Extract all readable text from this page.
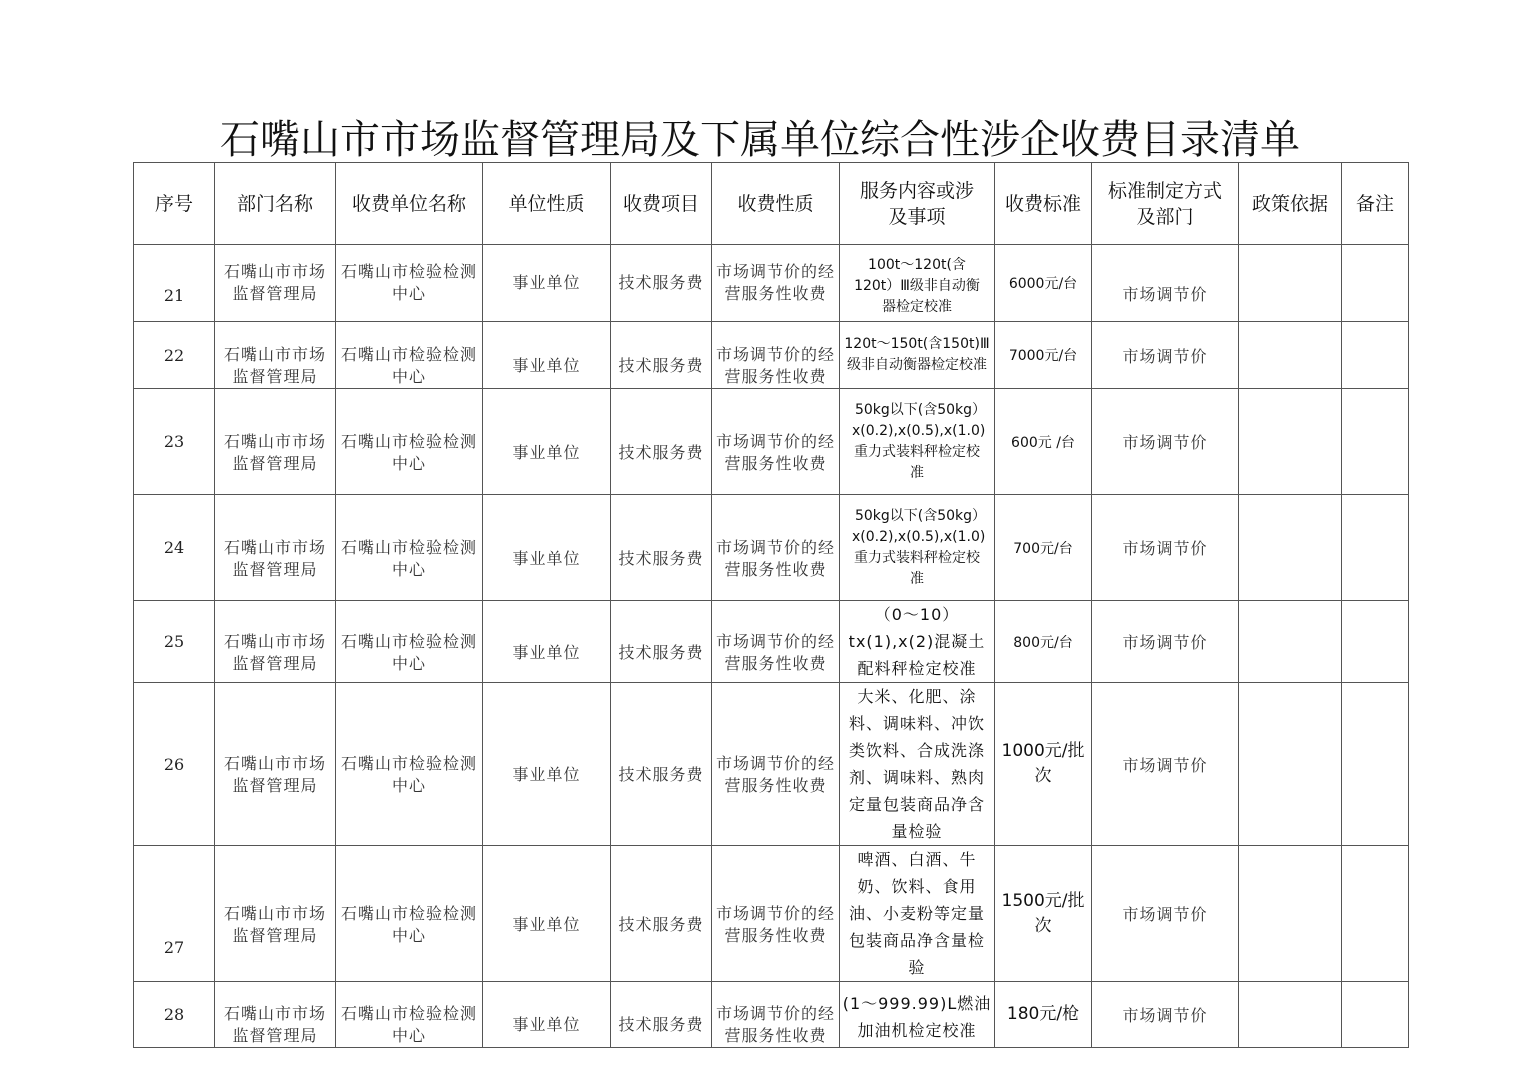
石嘴山市市场监督管理局及下属单位综合性涉企收费目录清单
序号	部门名称	收费单位名称	单位性质	收费项目	收费性质	服务内容或涉及事项	收费标准	标准制定方式及部门	政策依据	备注
21	石嘴山市市场监督管理局	石嘴山市检验检测中心	事业单位	技术服务费	市场调节价的经营服务性收费	100t～120t(含120t）Ⅲ级非自动衡器检定校准	6000元/台	市场调节价		
22	石嘴山市市场监督管理局	石嘴山市检验检测中心	事业单位	技术服务费	市场调节价的经营服务性收费	120t～150t(含150t)Ⅲ级非自动衡器检定校准	7000元/台	市场调节价		
23	石嘴山市市场监督管理局	石嘴山市检验检测中心	事业单位	技术服务费	市场调节价的经营服务性收费	50kg以下(含50kg）x(0.2),x(0.5),x(1.0)重力式装料秤检定校准	600元 /台	市场调节价		
24	石嘴山市市场监督管理局	石嘴山市检验检测中心	事业单位	技术服务费	市场调节价的经营服务性收费	50kg以下(含50kg）x(0.2),x(0.5),x(1.0)重力式装料秤检定校准	700元/台	市场调节价		
25	石嘴山市市场监督管理局	石嘴山市检验检测中心	事业单位	技术服务费	市场调节价的经营服务性收费	（0～10）tx(1),x(2)混凝土配料秤检定校准	800元/台	市场调节价		
26	石嘴山市市场监督管理局	石嘴山市检验检测中心	事业单位	技术服务费	市场调节价的经营服务性收费	大米、化肥、涂料、调味料、冲饮类饮料、合成洗涤剂、调味料、熟肉定量包装商品净含量检验	1000元/批次	市场调节价		
27	石嘴山市市场监督管理局	石嘴山市检验检测中心	事业单位	技术服务费	市场调节价的经营服务性收费	啤酒、白酒、牛奶、饮料、食用油、小麦粉等定量包装商品净含量检验	1500元/批次	市场调节价		
28	石嘴山市市场监督管理局	石嘴山市检验检测中心	事业单位	技术服务费	市场调节价的经营服务性收费	(1～999.99)L燃油加油机检定校准	180元/枪	市场调节价		
